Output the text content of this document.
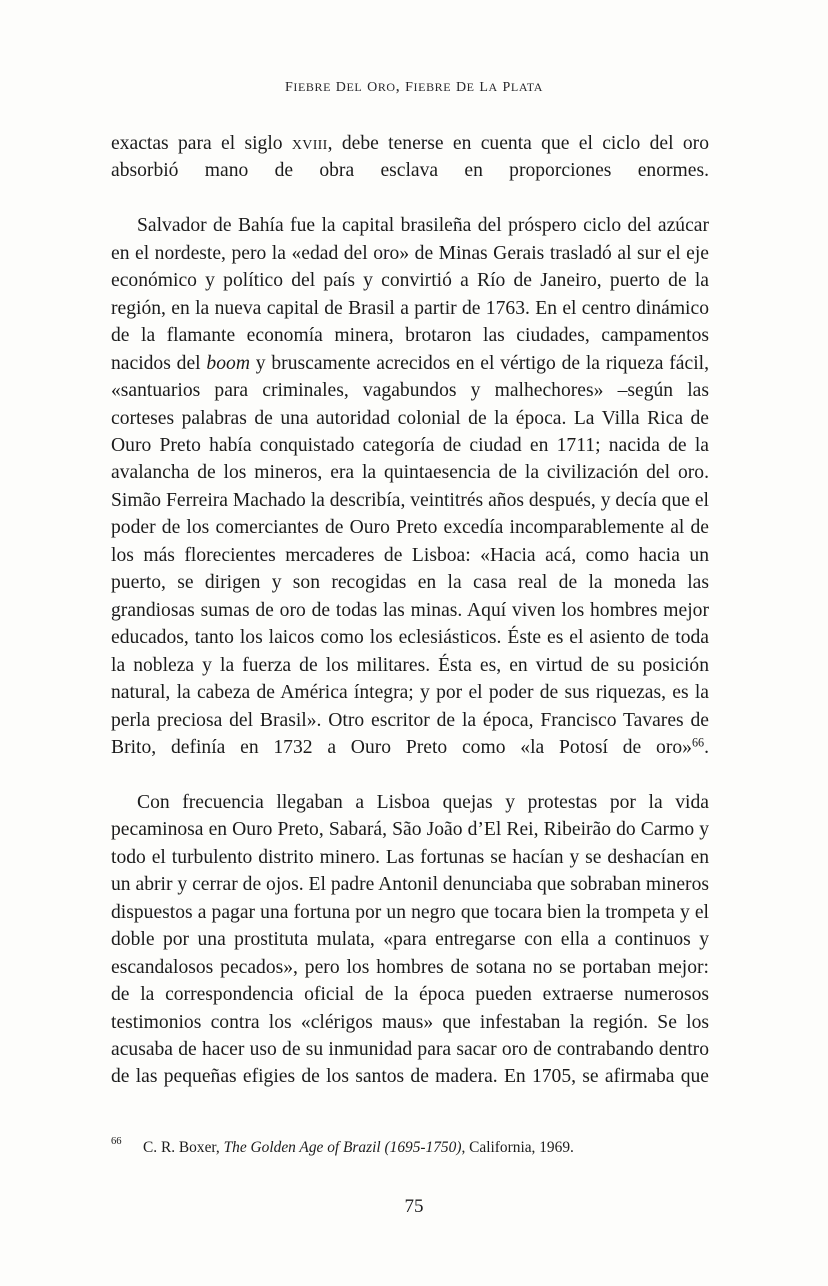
fiebre del oro, fiebre de la plata

exactas para el siglo xviii, debe tenerse en cuenta que el ciclo del oro absorbió mano de obra esclava en proporciones enormes.

Salvador de Bahía fue la capital brasileña del próspero ciclo del azúcar en el nordeste, pero la «edad del oro» de Minas Gerais trasladó al sur el eje económico y político del país y convirtió a Río de Janeiro, puerto de la región, en la nueva capital de Brasil a partir de 1763. En el centro dinámico de la flamante economía minera, brotaron las ciudades, campamentos nacidos del boom y bruscamente acrecidos en el vértigo de la riqueza fácil, «santuarios para criminales, vagabundos y malhechores» –según las corteses palabras de una autoridad colonial de la época. La Villa Rica de Ouro Preto había conquistado categoría de ciudad en 1711; nacida de la avalancha de los mineros, era la quintaesencia de la civilización del oro. Simão Ferreira Machado la describía, veintitrés años después, y decía que el poder de los comerciantes de Ouro Preto excedía incomparablemente al de los más florecientes mercaderes de Lisboa: «Hacia acá, como hacia un puerto, se dirigen y son recogidas en la casa real de la moneda las grandiosas sumas de oro de todas las minas. Aquí viven los hombres mejor educados, tanto los laicos como los eclesiásticos. Éste es el asiento de toda la nobleza y la fuerza de los militares. Ésta es, en virtud de su posición natural, la cabeza de América íntegra; y por el poder de sus riquezas, es la perla preciosa del Brasil». Otro escritor de la época, Francisco Tavares de Brito, definía en 1732 a Ouro Preto como «la Potosí de oro»$^{66}$.

Con frecuencia llegaban a Lisboa quejas y protestas por la vida pecaminosa en Ouro Preto, Sabará, São João d’El Rei, Ribeirão do Carmo y todo el turbulento distrito minero. Las fortunas se hacían y se deshacían en un abrir y cerrar de ojos. El padre Antonil denunciaba que sobraban mineros dispuestos a pagar una fortuna por un negro que tocara bien la trompeta y el doble por una prostituta mulata, «para entregarse con ella a continuos y escandalosos pecados», pero los hombres de sotana no se portaban mejor: de la correspondencia oficial de la época pueden extraerse numerosos testimonios contra los «clérigos maus» que infestaban la región. Se los acusaba de hacer uso de su inmunidad para sacar oro de contrabando dentro de las pequeñas efigies de los santos de madera. En 1705, se afirmaba que

66 C. R. Boxer, The Golden Age of Brazil (1695-1750), California, 1969.
75
